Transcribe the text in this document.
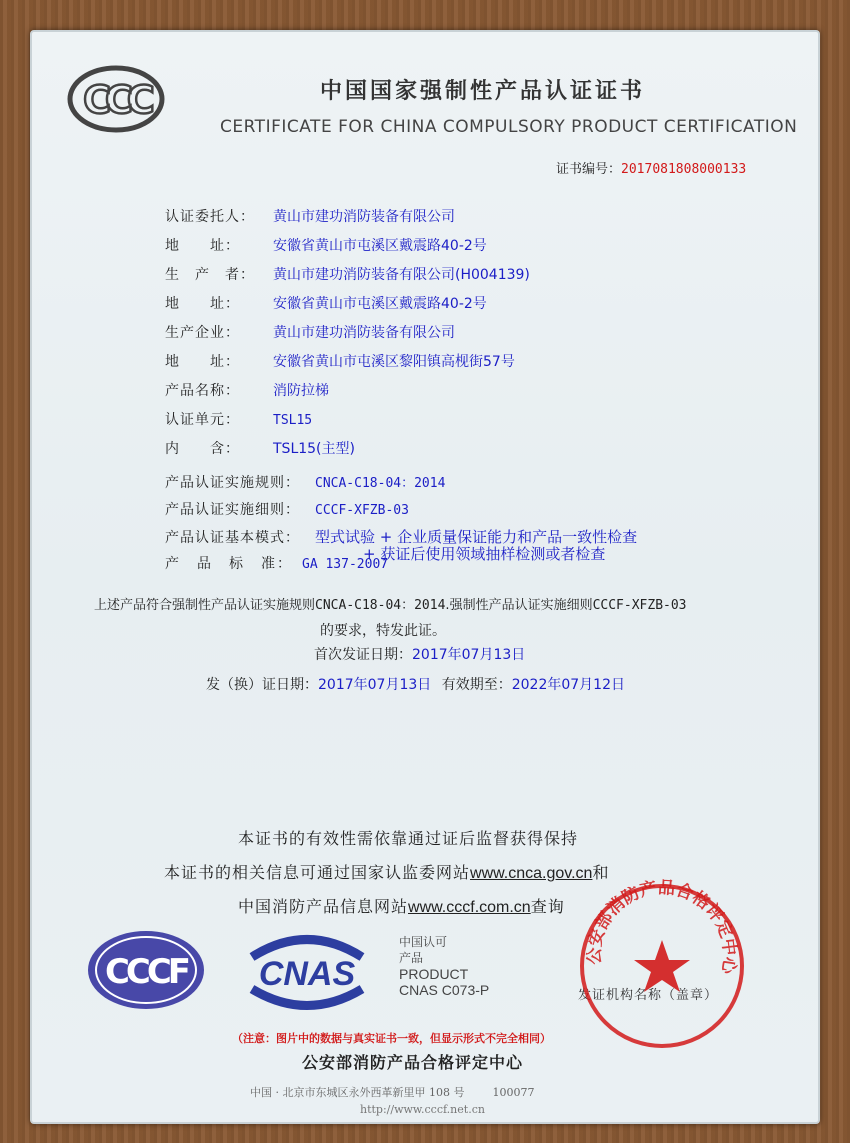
CCC	中国国家强制性产品认证证书
CERTIFICATE FOR CHINA COMPULSORY PRODUCT CERTIFICATION
证书编号：2017081808000133
认证委托人： 黄山市建功消防装备有限公司
地　　址： 安徽省黄山市屯溪区戴震路40-2号
生　产　者： 黄山市建功消防装备有限公司(H004139)
地　　址： 安徽省黄山市屯溪区戴震路40-2号
生产企业： 黄山市建功消防装备有限公司
地　　址： 安徽省黄山市屯溪区黎阳镇高枧街57号
产品名称： 消防拉梯
认证单元：	TSL15
内　　含： TSL15(主型)
产品认证实施规则： CNCA-C18-04：2014
产品认证实施细则： CCCF-XFZB-03
产品认证基本模式： 型式试验 + 企业质量保证能力和产品一致性检查
+ 获证后使用领域抽样检测或者检查
产　品　标　准： GA 137-2007
上述产品符合强制性产品认证实施规则CNCA-C18-04：2014.强制性产品认证实施细则CCCF-XFZB-03
的要求，特发此证。
首次发证日期：2017年07月13日
发（换）证日期：2017年07月13日 有效期至：2022年07月12日
本证书的有效性需依靠通过证后监督获得保持
本证书的相关信息可通过国家认监委网站www.cnca.gov.cn和
中国消防产品信息网站www.cccf.com.cn查询
CCCF CNAS
中国认可
产品
PRODUCT
CNAS C073-P	发证机构名称（盖章）
公安部消防产品合格评定中心
（注意：图片中的数据与真实证书一致，但显示形式不完全相同）
公安部消防产品合格评定中心
中国 · 北京市东城区永外西革新里甲 108 号	100077
http://www.cccf.net.cn
